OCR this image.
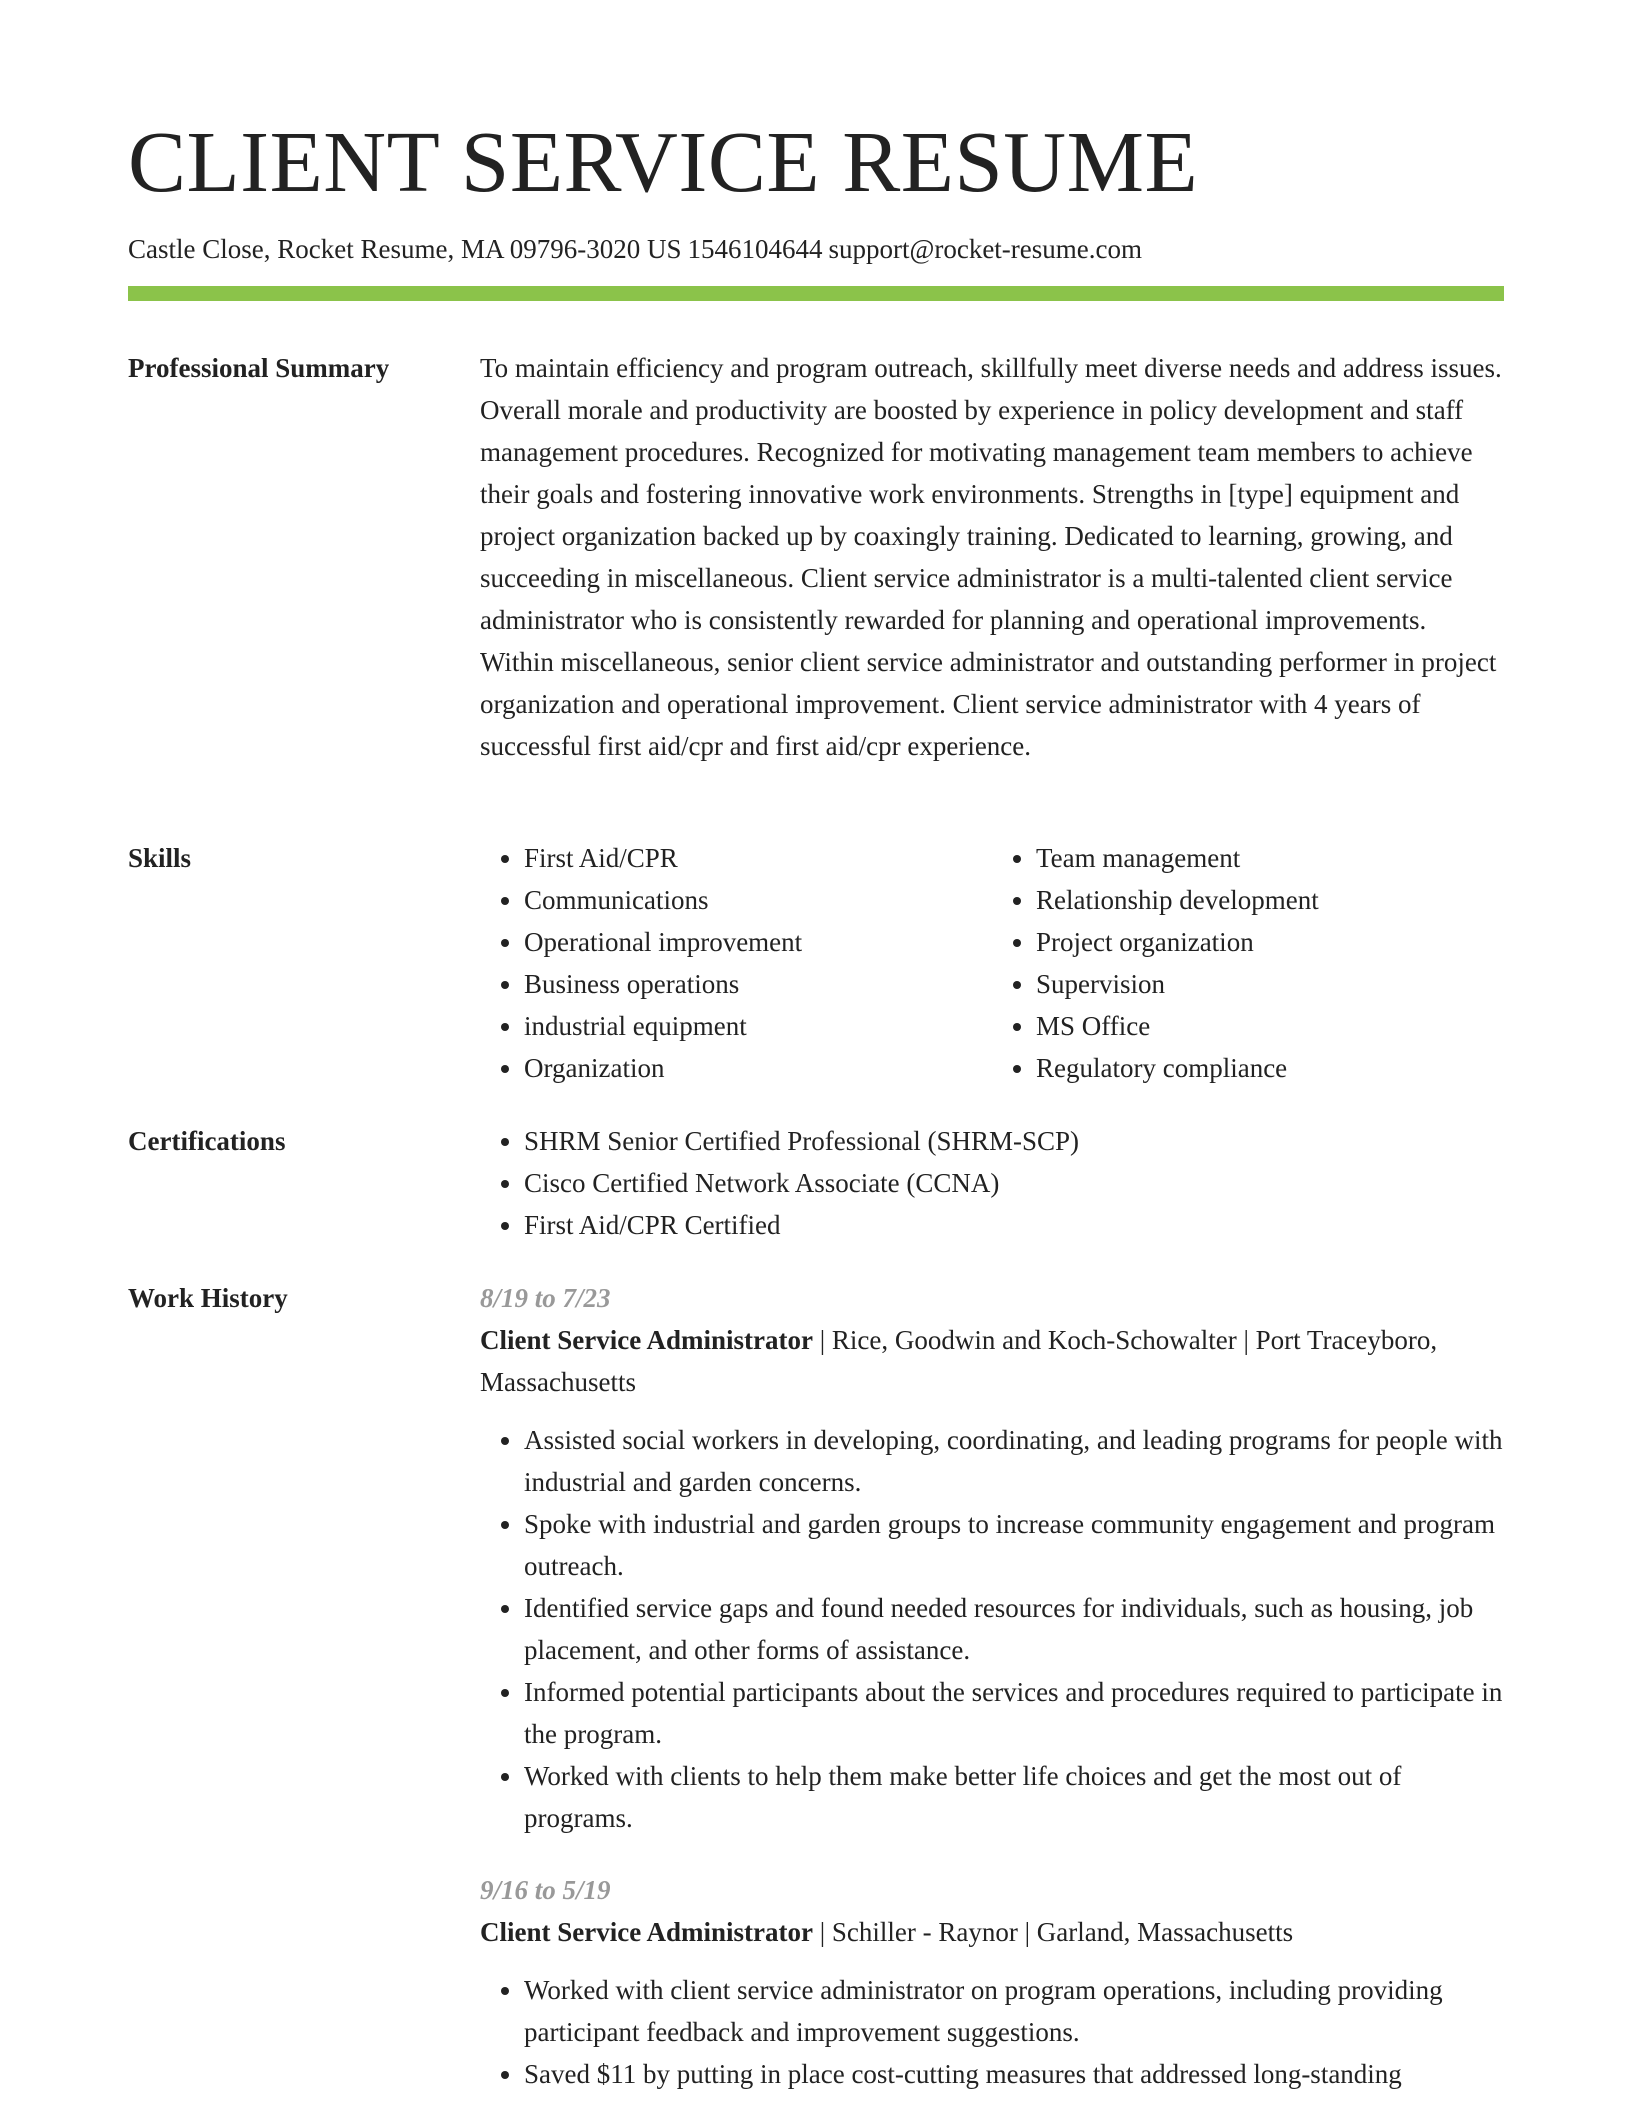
CLIENT SERVICE RESUME
Castle Close, Rocket Resume, MA 09796-3020 US 1546104644 support@rocket-resume.com
Professional Summary	To maintain efficiency and program outreach, skillfully meet diverse needs and address issues. Overall morale and productivity are boosted by experience in policy development and staff management procedures. Recognized for motivating management team members to achieve their goals and fostering innovative work environments. Strengths in [type] equipment and project organization backed up by coaxingly training. Dedicated to learning, growing, and succeeding in miscellaneous. Client service administrator is a multi-talented client service administrator who is consistently rewarded for planning and operational improvements. Within miscellaneous, senior client service administrator and outstanding performer in project organization and operational improvement. Client service administrator with 4 years of successful first aid/cpr and first aid/cpr experience.

Skills	• First Aid/CPR
• Communications
• Operational improvement
• Business operations
• industrial equipment
• Organization
• Team management
• Relationship development
• Project organization
• Supervision
• MS Office
• Regulatory compliance
Certifications	• SHRM Senior Certified Professional (SHRM-SCP)
• Cisco Certified Network Associate (CCNA)
• First Aid/CPR Certified
Work History	8/19 to 7/23
Client Service Administrator | Rice, Goodwin and Koch-Schowalter | Port Traceyboro, Massachusetts
• Assisted social workers in developing, coordinating, and leading programs for people with industrial and garden concerns.
• Spoke with industrial and garden groups to increase community engagement and program outreach.
• Identified service gaps and found needed resources for individuals, such as housing, job placement, and other forms of assistance.
• Informed potential participants about the services and procedures required to participate in the program.
• Worked with clients to help them make better life choices and get the most out of programs.
9/16 to 5/19
Client Service Administrator | Schiller - Raynor | Garland, Massachusetts
• Worked with client service administrator on program operations, including providing participant feedback and improvement suggestions.
• Saved $11 by putting in place cost-cutting measures that addressed long-standing
